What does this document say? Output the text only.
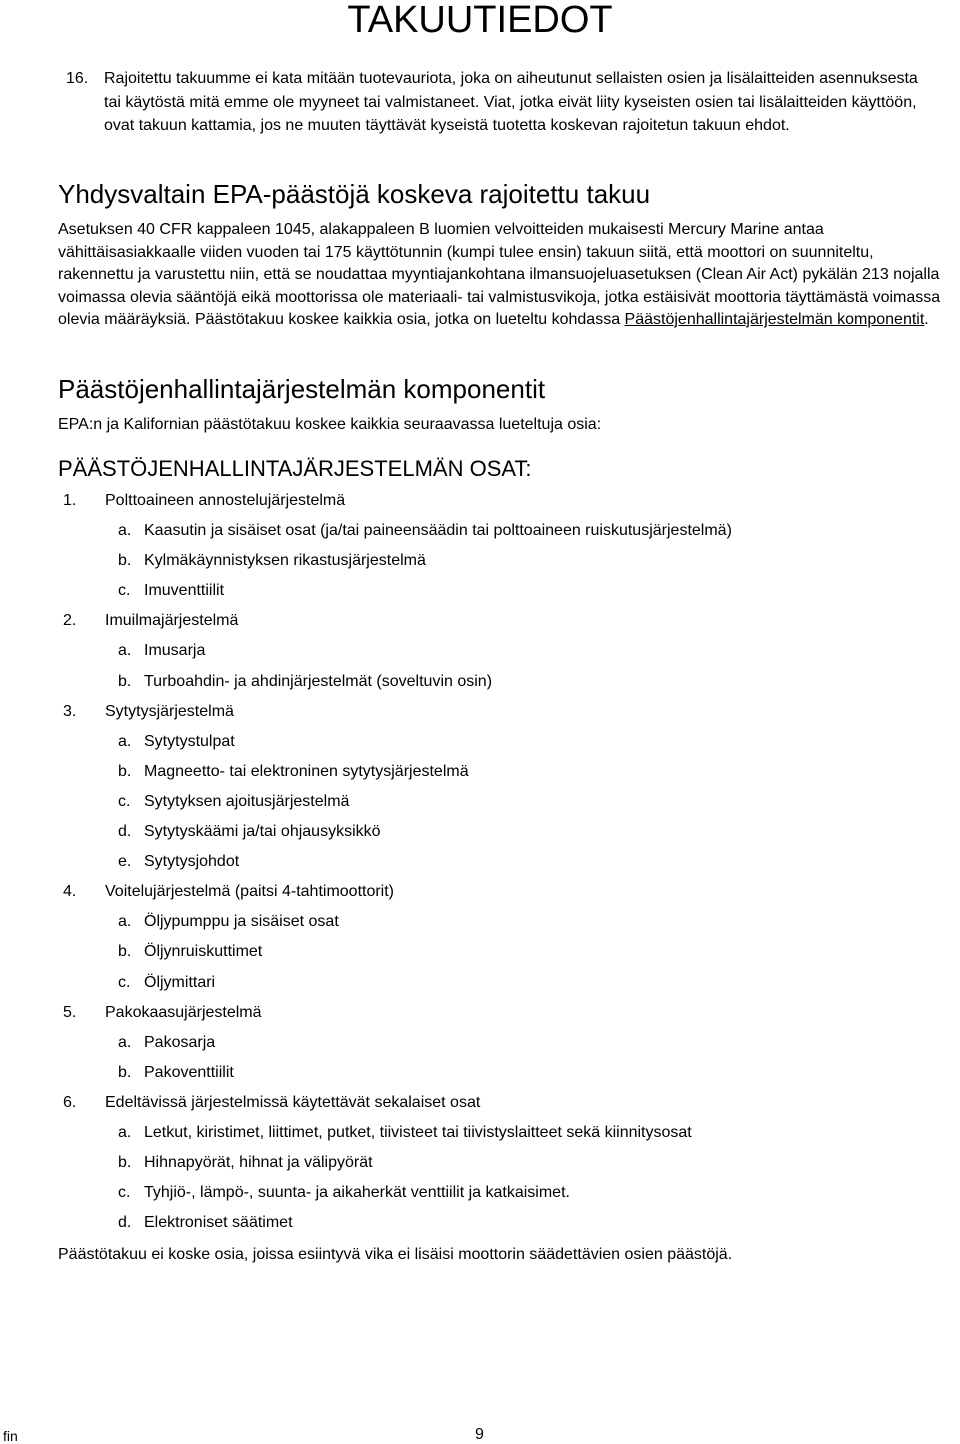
TAKUUTIEDOT
16. Rajoitettu takuumme ei kata mitään tuotevauriota, joka on aiheutunut sellaisten osien ja lisälaitteiden asennuksesta tai käytöstä mitä emme ole myyneet tai valmistaneet. Viat, jotka eivät liity kyseisten osien tai lisälaitteiden käyttöön, ovat takuun kattamia, jos ne muuten täyttävät kyseistä tuotetta koskevan rajoitetun takuun ehdot.
Yhdysvaltain EPA-päästöjä koskeva rajoitettu takuu
Asetuksen 40 CFR kappaleen 1045, alakappaleen B luomien velvoitteiden mukaisesti Mercury Marine antaa vähittäisasiakkaalle viiden vuoden tai 175 käyttötunnin (kumpi tulee ensin) takuun siitä, että moottori on suunniteltu, rakennettu ja varustettu niin, että se noudattaa myyntiajankohtana ilmansuojeluasetuksen (Clean Air Act) pykälän 213 nojalla voimassa olevia sääntöjä eikä moottorissa ole materiaali- tai valmistusvikoja, jotka estäisivät moottoria täyttämästä voimassa olevia määräyksiä. Päästötakuu koskee kaikkia osia, jotka on lueteltu kohdassa Päästöjenhallintajärjestelmän komponentit.
Päästöjenhallintajärjestelmän komponentit
EPA:n ja Kalifornian päästötakuu koskee kaikkia seuraavassa lueteltuja osia:
PÄÄSTÖJENHALLINTAJÄRJESTELMÄN OSAT:
1. Polttoaineen annostelujärjestelmä
a. Kaasutin ja sisäiset osat (ja/tai paineensäädin tai polttoaineen ruiskutusjärjestelmä)
b. Kylmäkäynnistyksen rikastusjärjestelmä
c. Imuventtiilit
2. Imuilmajärjestelmä
a. Imusarja
b. Turboahdin- ja ahdinjärjestelmät (soveltuvin osin)
3. Sytytysjärjestelmä
a. Sytytystulpat
b. Magneetto- tai elektroninen sytytysjärjestelmä
c. Sytytyksen ajoitusjärjestelmä
d. Sytytyskäämi ja/tai ohjausyksikkö
e. Sytytysjohdot
4. Voitelujärjestelmä (paitsi 4-tahtimoottorit)
a. Öljypumppu ja sisäiset osat
b. Öljynruiskuttimet
c. Öljymittari
5. Pakokaasujärjestelmä
a. Pakosarja
b. Pakoventtiilit
6. Edeltävissä järjestelmissä käytettävät sekalaiset osat
a. Letkut, kiristimet, liittimet, putket, tiivisteet tai tiivistyslaitteet sekä kiinnitysosat
b. Hihnapyörät, hihnat ja välipyörät
c. Tyhjiö-, lämpö-, suunta- ja aikaherkät venttiilit ja katkaisimet.
d. Elektroniset säätimet
Päästötakuu ei koske osia, joissa esiintyvä vika ei lisäisi moottorin säädettävien osien päästöjä.
fin	9
